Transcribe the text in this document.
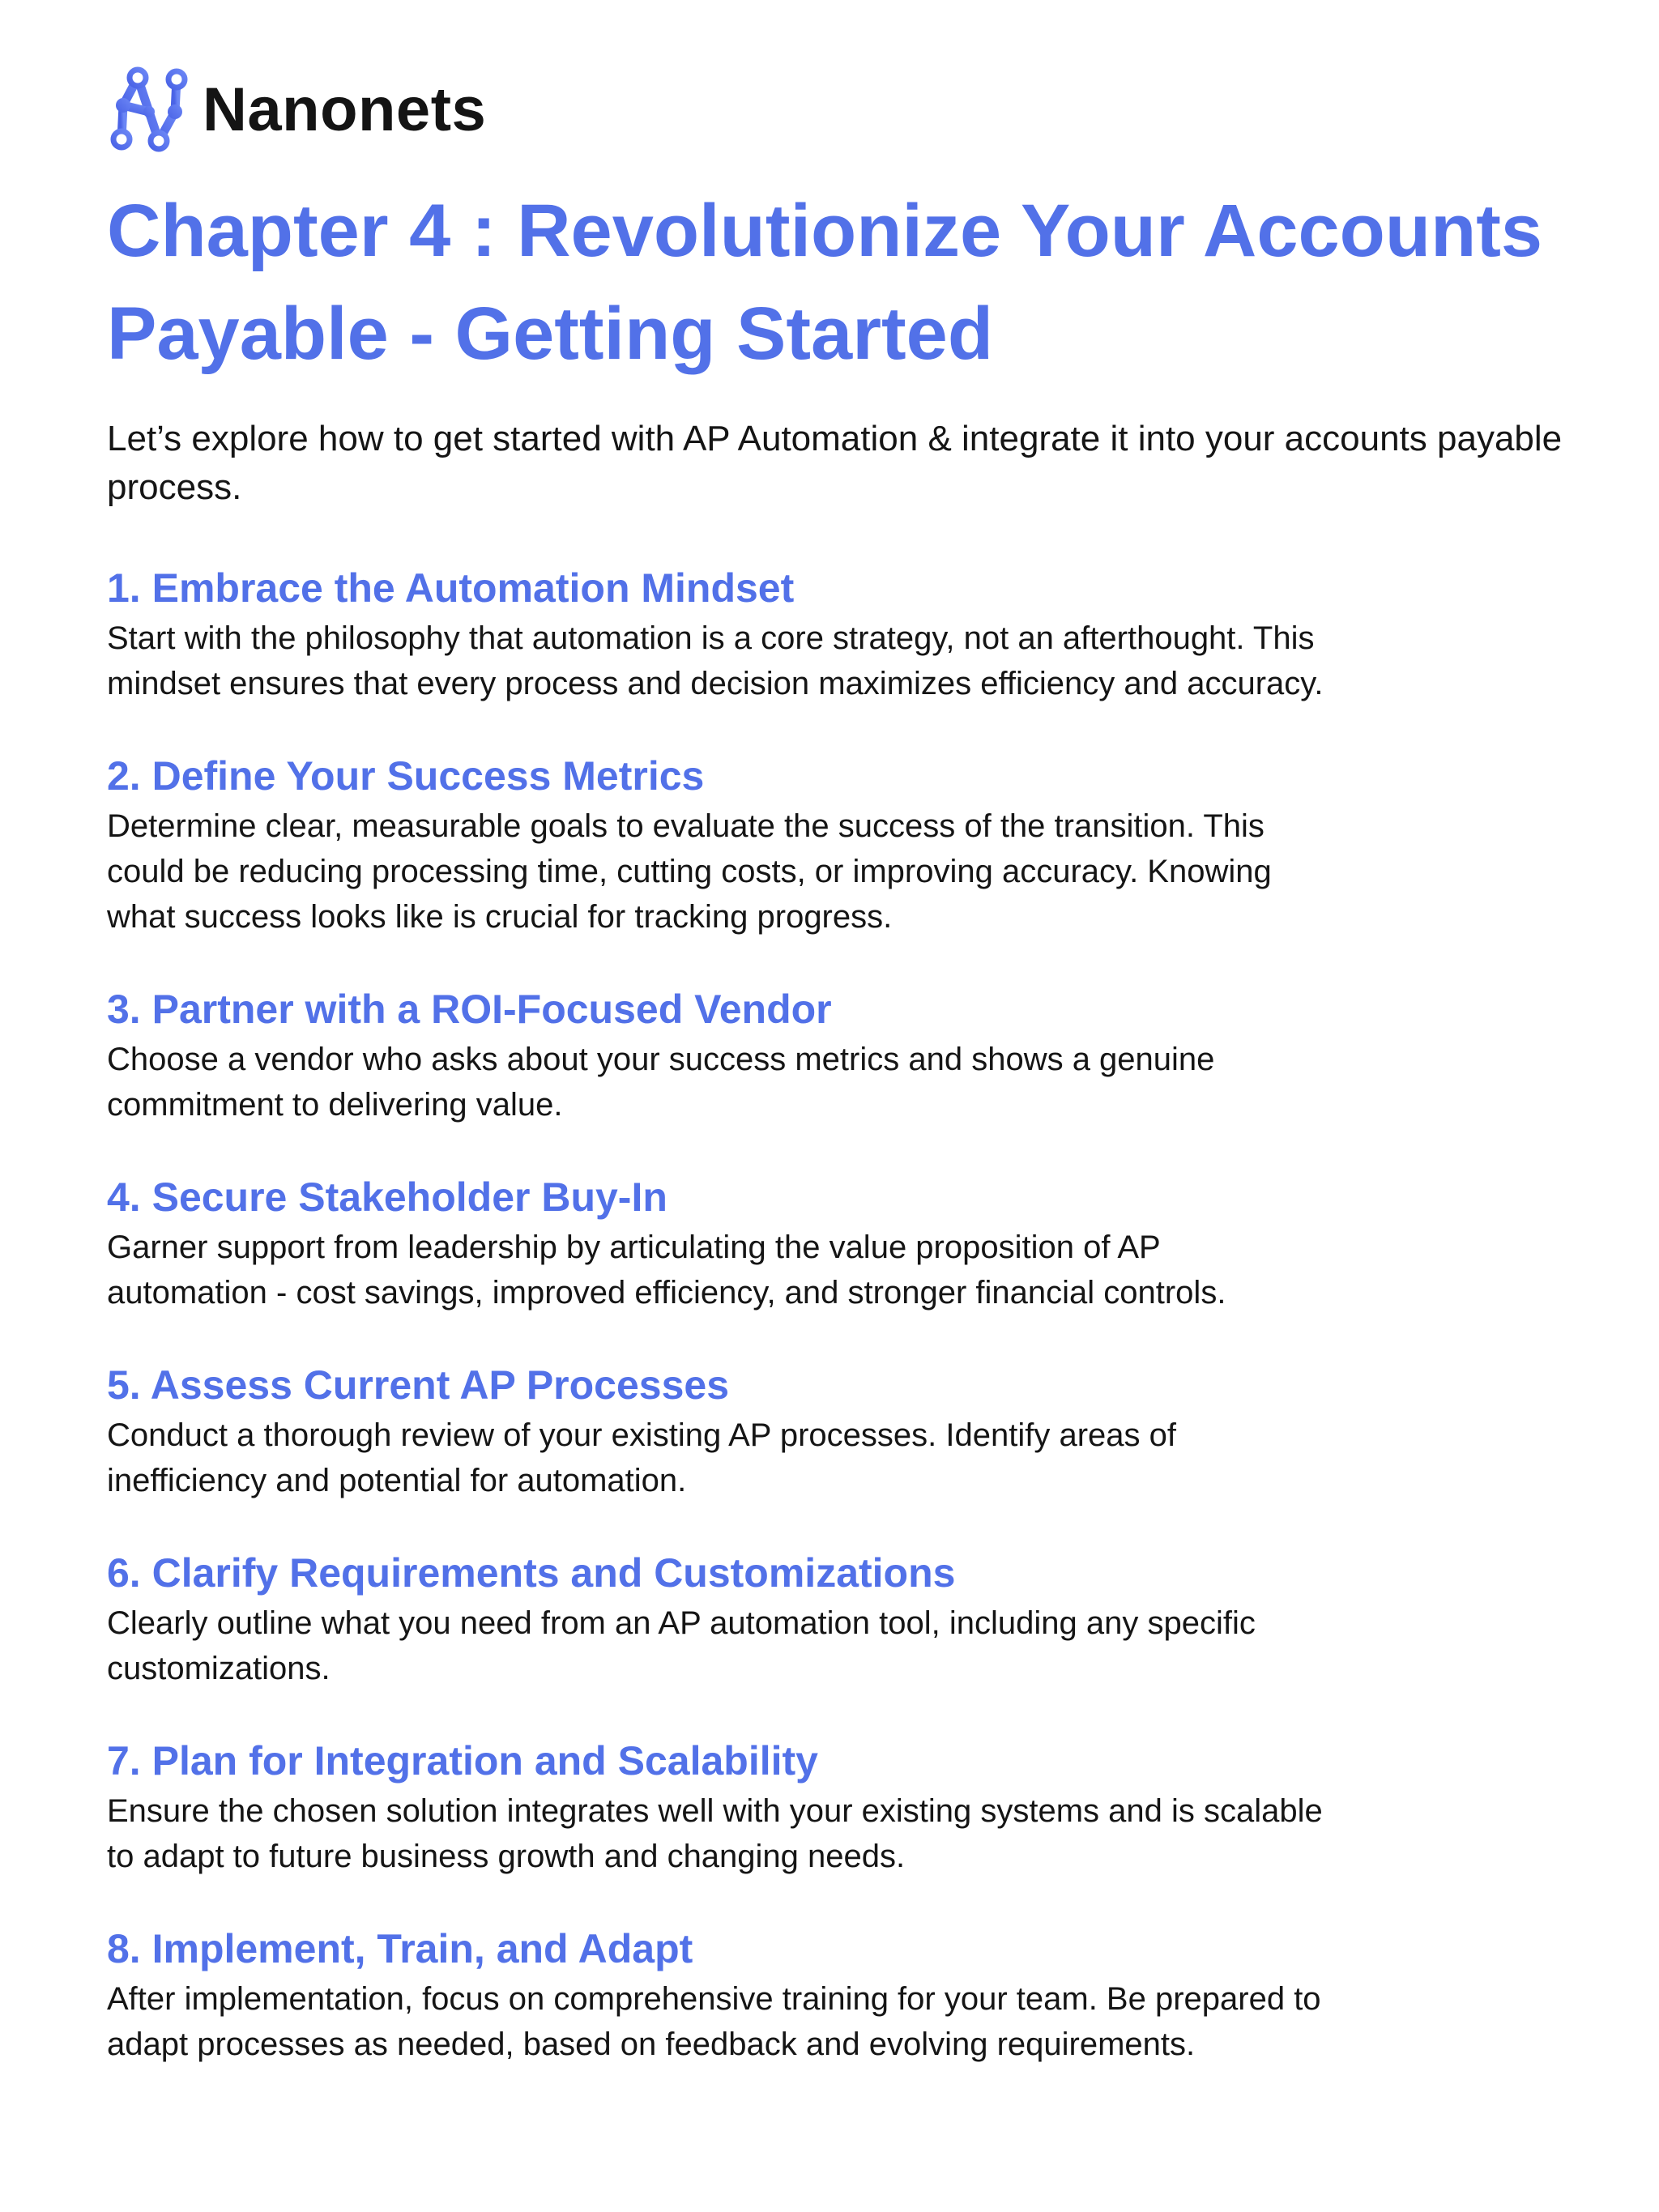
Nanonets
Chapter 4 : Revolutionize Your Accounts Payable - Getting Started

Let’s explore how to get started with AP Automation & integrate it into your accounts payable process.

1. Embrace the Automation Mindset

Start with the philosophy that automation is a core strategy, not an afterthought. This
mindset ensures that every process and decision maximizes efficiency and accuracy.

2. Define Your Success Metrics

Determine clear, measurable goals to evaluate the success of the transition. This
could be reducing processing time, cutting costs, or improving accuracy. Knowing
what success looks like is crucial for tracking progress.

3. Partner with a ROI-Focused Vendor

Choose a vendor who asks about your success metrics and shows a genuine
commitment to delivering value.

4. Secure Stakeholder Buy-In

Garner support from leadership by articulating the value proposition of AP
automation - cost savings, improved efficiency, and stronger financial controls.

5. Assess Current AP Processes

Conduct a thorough review of your existing AP processes. Identify areas of
inefficiency and potential for automation.

6. Clarify Requirements and Customizations

Clearly outline what you need from an AP automation tool, including any specific
customizations.

7. Plan for Integration and Scalability

Ensure the chosen solution integrates well with your existing systems and is scalable
to adapt to future business growth and changing needs.

8. Implement, Train, and Adapt

After implementation, focus on comprehensive training for your team. Be prepared to
adapt processes as needed, based on feedback and evolving requirements.
